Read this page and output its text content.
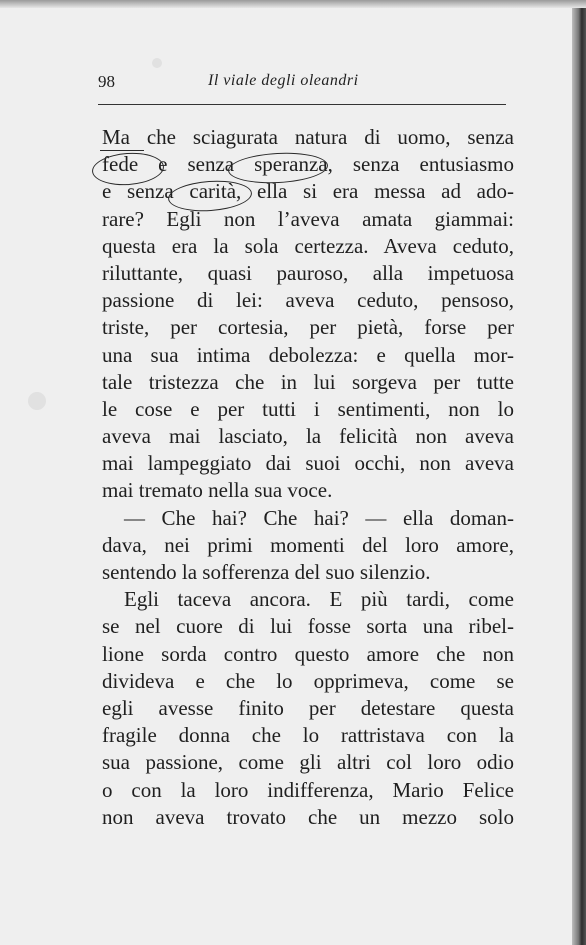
98	Il viale degli oleandri
Ma che sciagurata natura di uomo, senza
fede e senza speranza, senza entusiasmo
e senza carità, ella si era messa ad ado-
rare? Egli non l’aveva amata giammai:
questa era la sola certezza. Aveva ceduto,
riluttante, quasi pauroso, alla impetuosa
passione di lei: aveva ceduto, pensoso,
triste, per cortesia, per pietà, forse per
una sua intima debolezza: e quella mor-
tale tristezza che in lui sorgeva per tutte
le cose e per tutti i sentimenti, non lo
aveva mai lasciato, la felicità non aveva
mai lampeggiato dai suoi occhi, non aveva
mai tremato nella sua voce.
— Che hai? Che hai? — ella doman-
dava, nei primi momenti del loro amore,
sentendo la sofferenza del suo silenzio.
Egli taceva ancora. E più tardi, come
se nel cuore di lui fosse sorta una ribel-
lione sorda contro questo amore che non
divideva e che lo opprimeva, come se
egli avesse finito per detestare questa
fragile donna che lo rattristava con la
sua passione, come gli altri col loro odio
o con la loro indifferenza, Mario Felice
non aveva trovato che un mezzo solo
